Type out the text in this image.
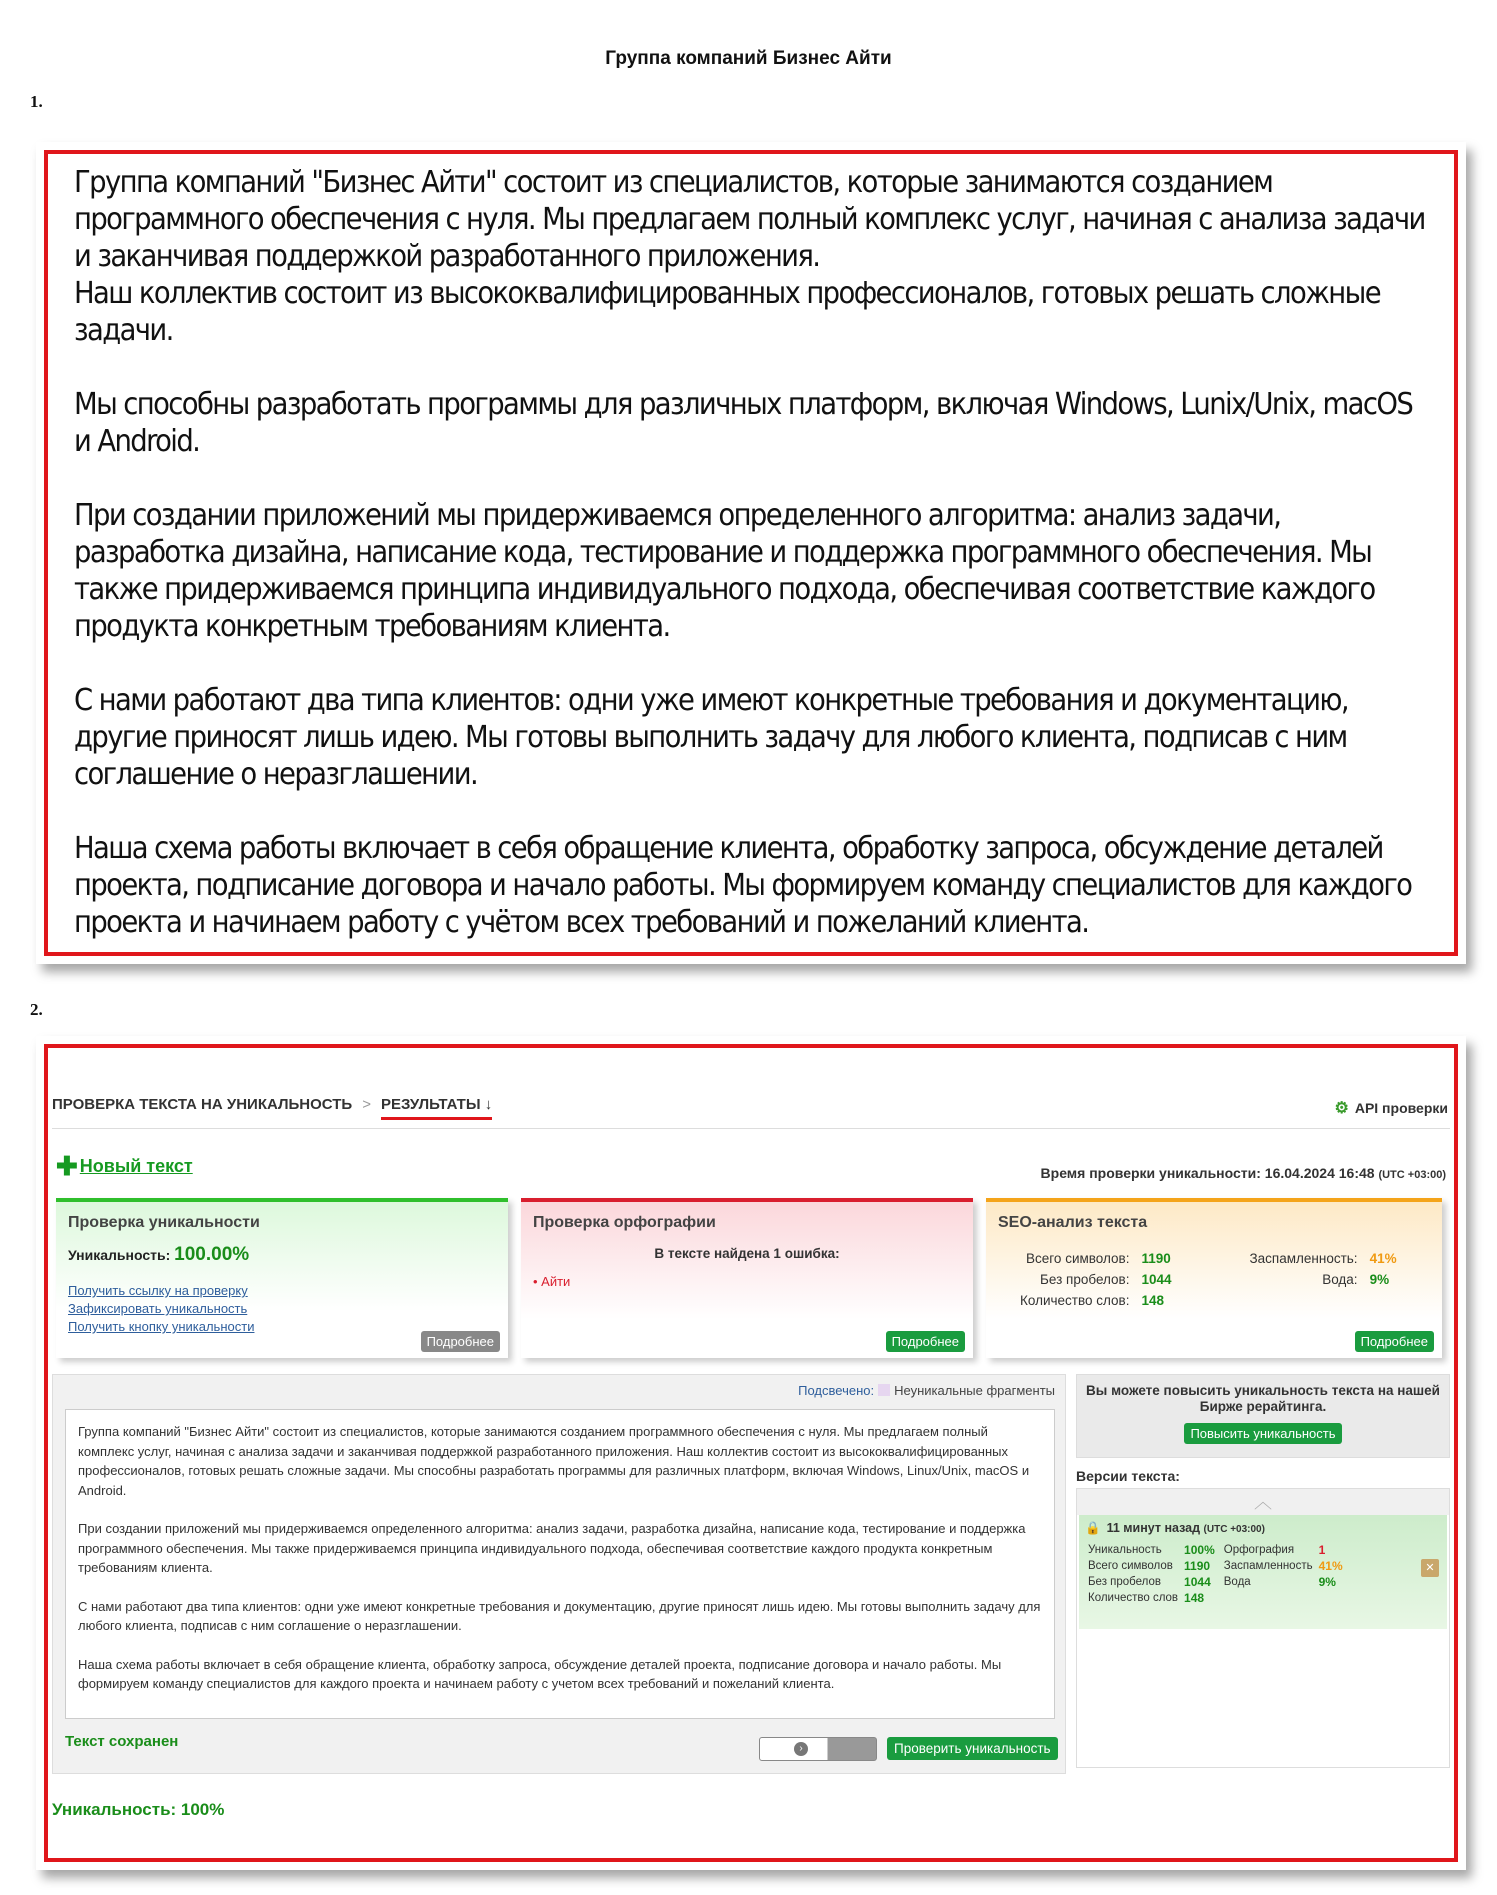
Группа компаний Бизнес Айти
1.

Группа компаний "Бизнес Айти" состоит из специалистов, которые занимаются созданием программного обеспечения с нуля. Мы предлагаем полный комплекс услуг, начиная с анализа задачи и заканчивая поддержкой разработанного приложения.
Наш коллектив состоит из высококвалифицированных профессионалов, готовых решать сложные задачи.

Мы способны разработать программы для различных платформ, включая Windows, Lunix/Unix, macOS и Android.

При создании приложений мы придерживаемся определенного алгоритма: анализ задачи, разработка дизайна, написание кода, тестирование и поддержка программного обеспечения. Мы также придерживаемся принципа индивидуального подхода, обеспечивая соответствие каждого продукта конкретным требованиям клиента.

С нами работают два типа клиентов: одни уже имеют конкретные требования и документацию, другие приносят лишь идею. Мы готовы выполнить задачу для любого клиента, подписав с ним соглашение о неразглашении.

Наша схема работы включает в себя обращение клиента, обработку запроса, обсуждение деталей проекта, подписание договора и начало работы. Мы формируем команду специалистов для каждого проекта и начинаем работу с учётом всех требований и пожеланий клиента.

2.
ПРОВЕРКА ТЕКСТА НА УНИКАЛЬНОСТЬ > РЕЗУЛЬТАТЫ ↓	⚙ API проверки
✚ Новый текст	Время проверки уникальности: 16.04.2024 16:48 (UTC +03:00)
Проверка уникальности
Уникальность: 100.00%
Получить ссылку на проверку
Зафиксировать уникальность
Получить кнопку уникальности
Подробнее
Проверка орфографии
В тексте найдена 1 ошибка:
• Айти
Подробнее
SEO-анализ текста
Всего символов:	1190		Заспамленность:	41%
Без пробелов:	1044		Вода:	9%
Количество слов:	148			
Подробнее
Подсвечено: Неуникальные фрагменты

Группа компаний "Бизнес Айти" состоит из специалистов, которые занимаются созданием программного обеспечения с нуля. Мы предлагаем полный комплекс услуг, начиная с анализа задачи и заканчивая поддержкой разработанного приложения. Наш коллектив состоит из высококвалифицированных профессионалов, готовых решать сложные задачи. Мы способны разработать программы для различных платформ, включая Windows, Linux/Unix, macOS и Android.

При создании приложений мы придерживаемся определенного алгоритма: анализ задачи, разработка дизайна, написание кода, тестирование и поддержка программного обеспечения. Мы также придерживаемся принципа индивидуального подхода, обеспечивая соответствие каждого продукта конкретным требованиям клиента.

С нами работают два типа клиентов: одни уже имеют конкретные требования и документацию, другие приносят лишь идею. Мы готовы выполнить задачу для любого клиента, подписав с ним соглашение о неразглашении.

Наша схема работы включает в себя обращение клиента, обработку запроса, обсуждение деталей проекта, подписание договора и начало работы. Мы формируем команду специалистов для каждого проекта и начинаем работу с учетом всех требований и пожеланий клиента.

Текст сохранен	›	Проверить уникальность
Уникальность: 100%
Вы можете повысить уникальность текста на нашей Бирже рерайтинга.
Повысить уникальность
Версии текста:
︿
🔒 11 минут назад (UTC +03:00)
Уникальность	100%	Орфография	1
Всего символов	1190	Заспамленность	41%
Без пробелов	1044	Вода	9%
Количество слов	148		
✕
